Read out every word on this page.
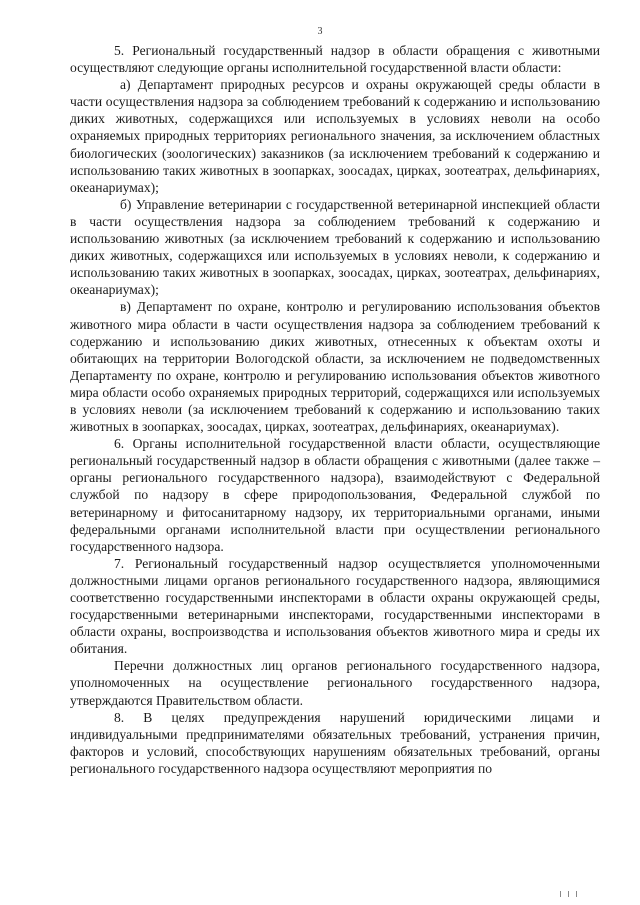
3

5. Региональный государственный надзор в области обращения с животными осуществляют следующие органы исполнительной государственной власти области:

а) Департамент природных ресурсов и охраны окружающей среды области в части осуществления надзора за соблюдением требований к содержанию и использованию диких животных, содержащихся или используемых в условиях неволи на особо охраняемых природных территориях регионального значения, за исключением областных биологических (зоологических) заказников (за исключением требований к содержанию и использованию таких животных в зоопарках, зоосадах, цирках, зоотеатрах, дельфинариях, океанариумах);

б) Управление ветеринарии с государственной ветеринарной инспекцией области в части осуществления надзора за соблюдением требований к содержанию и использованию животных (за исключением требований к содержанию и использованию диких животных, содержащихся или используемых в условиях неволи, к содержанию и использованию таких животных в зоопарках, зоосадах, цирках, зоотеатрах, дельфинариях, океанариумах);

в) Департамент по охране, контролю и регулированию использования объектов животного мира области в части осуществления надзора за соблюдением требований к содержанию и использованию диких животных, отнесенных к объектам охоты и обитающих на территории Вологодской области, за исключением не подведомственных Департаменту по охране, контролю и регулированию использования объектов животного мира области особо охраняемых природных территорий, содержащихся или используемых в условиях неволи (за исключением требований к содержанию и использованию таких животных в зоопарках, зоосадах, цирках, зоотеатрах, дельфинариях, океанариумах).

6. Органы исполнительной государственной власти области, осуществляющие региональный государственный надзор в области обращения с животными (далее также – органы регионального государственного надзора), взаимодействуют с Федеральной службой по надзору в сфере природопользования, Федеральной службой по ветеринарному и фитосанитарному надзору, их территориальными органами, иными федеральными органами исполнительной власти при осуществлении регионального государственного надзора.

7. Региональный государственный надзор осуществляется уполномоченными должностными лицами органов регионального государственного надзора, являющимися соответственно государственными инспекторами в области охраны окружающей среды, государственными ветеринарными инспекторами, государственными инспекторами в области охраны, воспроизводства и использования объектов животного мира и среды их обитания.

Перечни должностных лиц органов регионального государственного надзора, уполномоченных на осуществление регионального государственного надзора, утверждаются Правительством области.

8. В целях предупреждения нарушений юридическими лицами и индивидуальными предпринимателями обязательных требований, устранения причин, факторов и условий, способствующих нарушениям обязательных требований, органы регионального государственного надзора осуществляют мероприятия по
